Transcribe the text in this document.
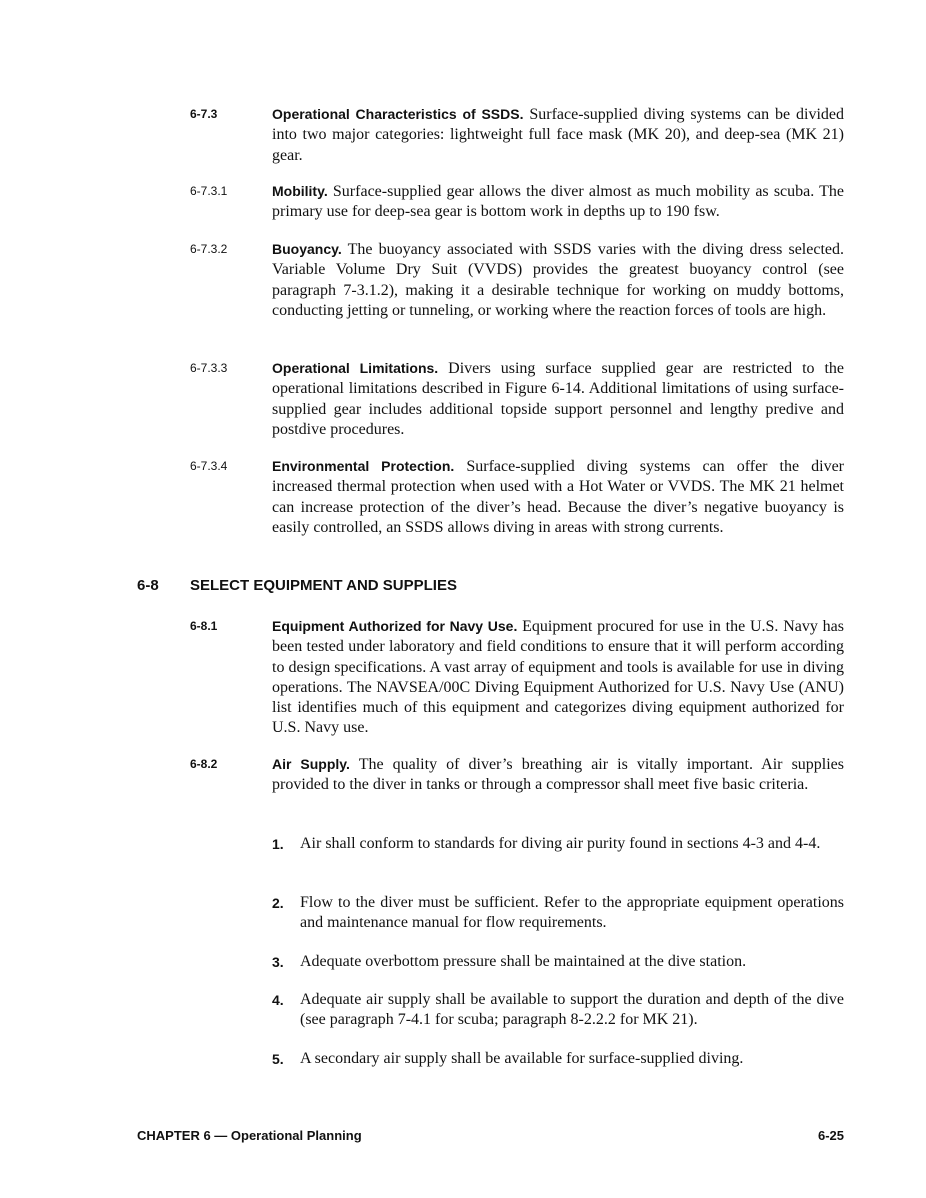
6-7.3	Operational Characteristics of SSDS. Surface-supplied diving systems can be divided into two major categories: lightweight full face mask (MK 20), and deep-sea (MK 21) gear.
6-7.3.1	Mobility. Surface-supplied gear allows the diver almost as much mobility as scuba. The primary use for deep-sea gear is bottom work in depths up to 190 fsw.
6-7.3.2	Buoyancy. The buoyancy associated with SSDS varies with the diving dress selected. Variable Volume Dry Suit (VVDS) provides the greatest buoyancy control (see paragraph 7-3.1.2), making it a desirable technique for working on muddy bottoms, conducting jetting or tunneling, or working where the reaction forces of tools are high.
6-7.3.3	Operational Limitations. Divers using surface supplied gear are restricted to the operational limitations described in Figure 6-14. Additional limitations of using surface-supplied gear includes additional topside support personnel and lengthy predive and postdive procedures.
6-7.3.4	Environmental Protection. Surface-supplied diving systems can offer the diver increased thermal protection when used with a Hot Water or VVDS. The MK 21 helmet can increase protection of the diver’s head. Because the diver’s negative buoyancy is easily controlled, an SSDS allows diving in areas with strong currents.
6-8 SELECT EQUIPMENT AND SUPPLIES
6-8.1	Equipment Authorized for Navy Use. Equipment procured for use in the U.S. Navy has been tested under laboratory and field conditions to ensure that it will perform according to design specifications. A vast array of equipment and tools is available for use in diving operations. The NAVSEA/00C Diving Equipment Authorized for U.S. Navy Use (ANU) list identifies much of this equipment and categorizes diving equipment authorized for U.S. Navy use.
6-8.2	Air Supply. The quality of diver’s breathing air is vitally important. Air supplies provided to the diver in tanks or through a compressor shall meet five basic criteria.
1. Air shall conform to standards for diving air purity found in sections 4-3 and 4-4.
2. Flow to the diver must be sufficient. Refer to the appropriate equipment operations and maintenance manual for flow requirements.
3. Adequate overbottom pressure shall be maintained at the dive station.
4. Adequate air supply shall be available to support the duration and depth of the dive (see paragraph 7-4.1 for scuba; paragraph 8-2.2.2 for MK 21).
5. A secondary air supply shall be available for surface-supplied diving.
CHAPTER 6 — Operational Planning	6-25
